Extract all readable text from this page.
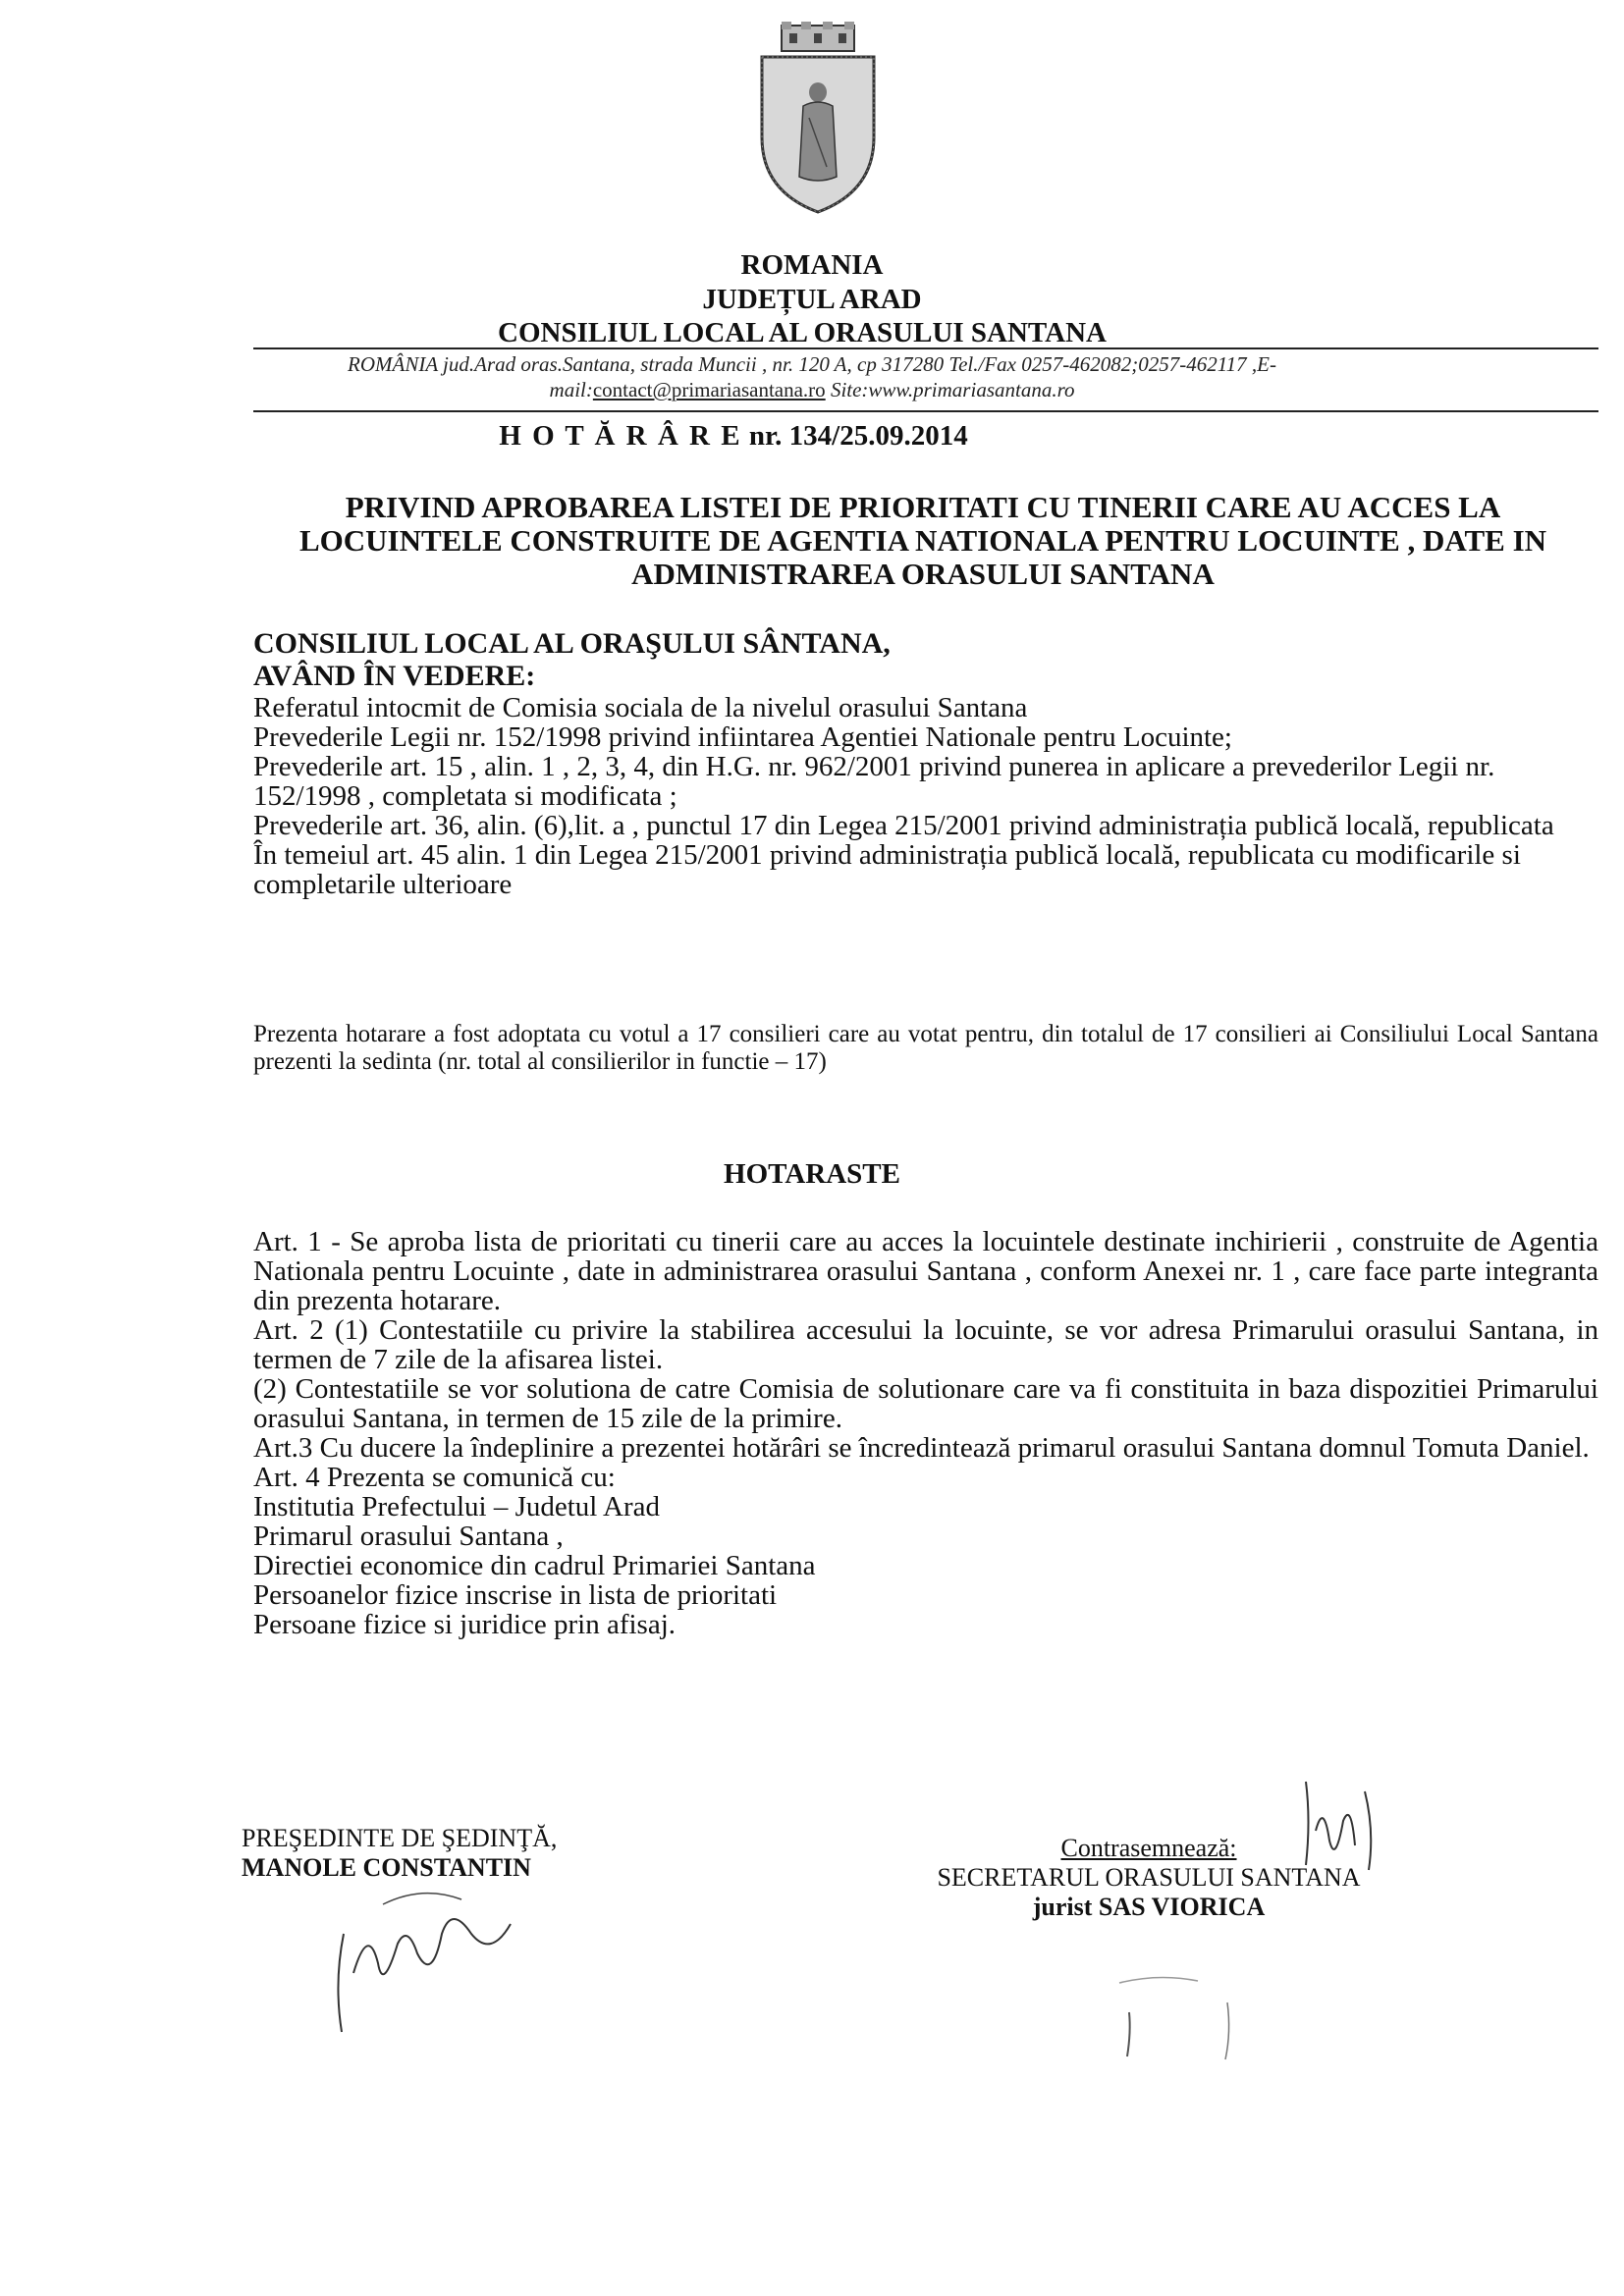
ROMANIA
JUDEȚUL ARAD
CONSILIUL LOCAL AL ORASULUI SANTANA
ROMÂNIA jud.Arad oras.Santana, strada Muncii , nr. 120 A, cp 317280 Tel./Fax 0257-462082;0257-462117 ,E-
mail:contact@primariasantana.ro Site:www.primariasantana.ro
H O T Ă R Â R E nr. 134/25.09.2014
PRIVIND APROBAREA LISTEI DE PRIORITATI CU TINERII CARE AU ACCES LA
LOCUINTELE CONSTRUITE DE AGENTIA NATIONALA PENTRU LOCUINTE , DATE IN
ADMINISTRAREA ORASULUI SANTANA
CONSILIUL LOCAL AL ORAŞULUI SÂNTANA,
AVÂND ÎN VEDERE:

Referatul intocmit de Comisia sociala de la nivelul orasului Santana

Prevederile Legii nr. 152/1998 privind infiintarea Agentiei Nationale pentru Locuinte;

Prevederile art. 15 , alin. 1 , 2, 3, 4, din H.G. nr. 962/2001 privind punerea in aplicare a prevederilor Legii nr. 152/1998 , completata si modificata ;

Prevederile art. 36, alin. (6),lit. a , punctul 17 din Legea 215/2001 privind administrația publică locală, republicata

În temeiul art. 45 alin. 1 din Legea 215/2001 privind administrația publică locală, republicata cu modificarile si completarile ulterioare

Prezenta hotarare a fost adoptata cu votul a 17 consilieri care au votat pentru, din totalul de 17 consilieri ai Consiliului Local Santana prezenti la sedinta (nr. total al consilierilor in functie – 17)
HOTARASTE

Art. 1 - Se aproba lista de prioritati cu tinerii care au acces la locuintele destinate inchirierii , construite de Agentia Nationala pentru Locuinte , date in administrarea orasului Santana , conform Anexei nr. 1 , care face parte integranta din prezenta hotarare.

Art. 2 (1) Contestatiile cu privire la stabilirea accesului la locuinte, se vor adresa Primarului orasului Santana, in termen de 7 zile de la afisarea listei.

(2) Contestatiile se vor solutiona de catre Comisia de solutionare care va fi constituita in baza dispozitiei Primarului orasului Santana, in termen de 15 zile de la primire.

Art.3 Cu ducere la îndeplinire a prezentei hotărâri se încredintează primarul orasului Santana domnul Tomuta Daniel.

Art. 4 Prezenta se comunică cu:

Institutia Prefectului – Judetul Arad
Primarul orasului Santana ,
Directiei economice din cadrul Primariei Santana
Persoanelor fizice inscrise in lista de prioritati
Persoane fizice si juridice prin afisaj.
PREŞEDINTE DE ŞEDINŢĂ,
MANOLE CONSTANTIN
Contrasemnează:
SECRETARUL ORASULUI SANTANA
jurist SAS VIORICA
